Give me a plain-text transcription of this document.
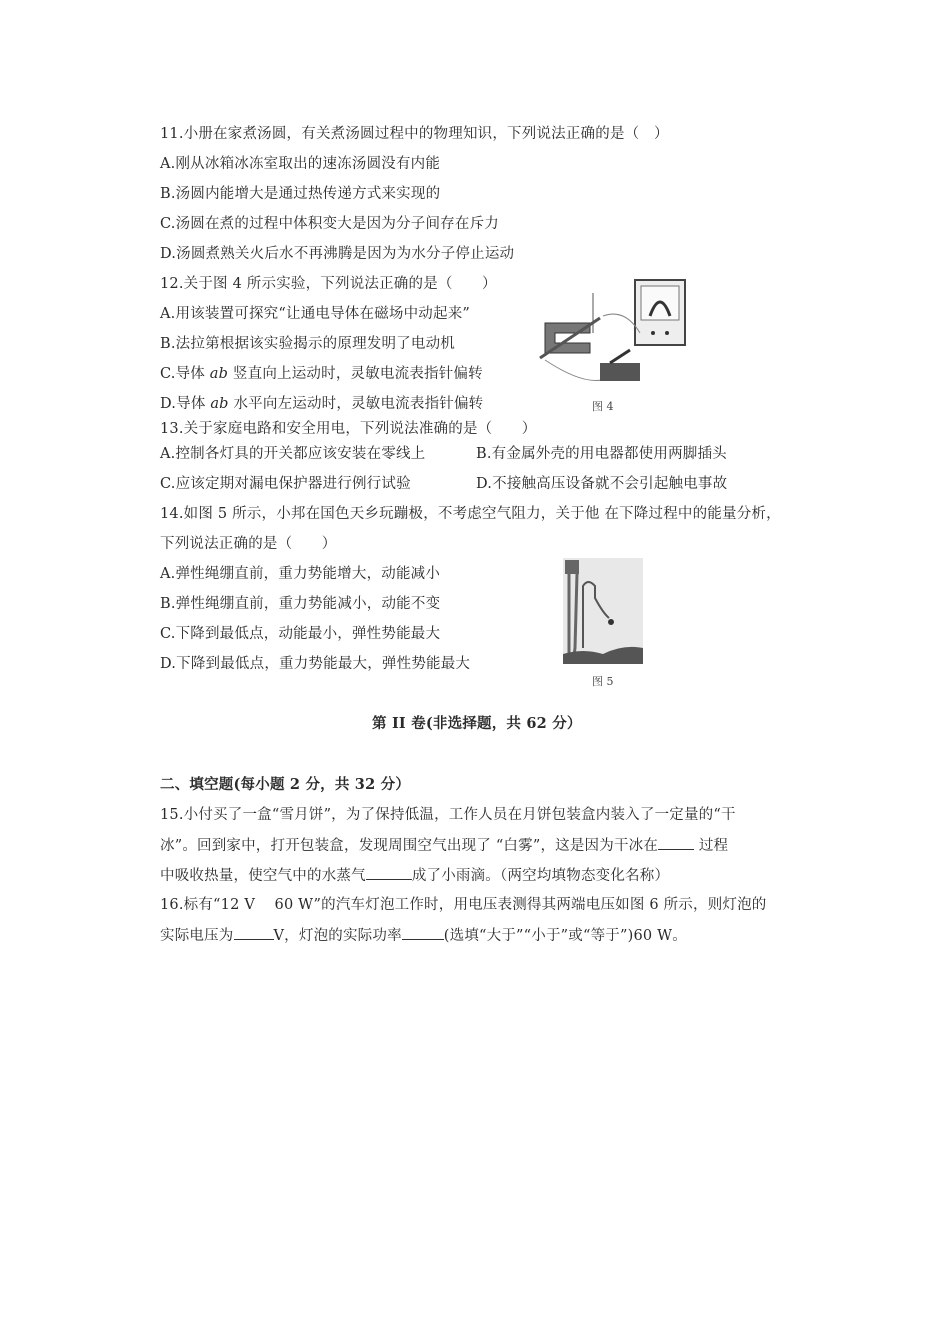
11.小册在家煮汤圆，有关煮汤圆过程中的物理知识，下列说法正确的是（　）
A.刚从冰箱冰冻室取出的速冻汤圆没有内能
B.汤圆内能增大是通过热传递方式来实现的
C.汤圆在煮的过程中体积变大是因为分子间存在斥力
D.汤圆煮熟关火后水不再沸腾是因为为水分子停止运动
12.关于图 4 所示实验，下列说法正确的是（　　）
A.用该装置可探究“让通电导体在磁场中动起来”
B.法拉第根据该实验揭示的原理发明了电动机
C.导体 ab 竖直向上运动时，灵敏电流表指针偏转
D.导体 ab 水平向左运动时，灵敏电流表指针偏转	图 4
13.关于家庭电路和安全用电，下列说法准确的是（　　）
A.控制各灯具的开关都应该安装在零线上	B.有金属外壳的用电器都使用两脚插头
C.应该定期对漏电保护器进行例行试验	D.不接触高压设备就不会引起触电事故
14.如图 5 所示，小邦在国色天乡玩蹦极，不考虑空气阻力，关于他 在下降过程中的能量分析，
下列说法正确的是（　　）
A.弹性绳绷直前，重力势能增大，动能减小
B.弹性绳绷直前，重力势能减小，动能不变
C.下降到最低点，动能最小，弹性势能最大
D.下降到最低点，重力势能最大，弹性势能最大
图 5
第 II 卷(非选择题，共 62 分）
二、填空题(每小题 2 分，共 32 分）
15.小付买了一盒“雪月饼”，为了保持低温，工作人员在月饼包装盒内装入了一定量的“干
冰”。回到家中，打开包装盒，发现周围空气出现了 “白雾”，这是因为干冰在 过程
中吸收热量，使空气中的水蒸气	成了小雨滴。（两空均填物态变化名称）
16.标有“12 V　 60 W”的汽车灯泡工作时，用电压表测得其两端电压如图 6 所示，则灯泡的
实际电压为	V，灯泡的实际功率	(选填“大于”“小于”或“等于”)60 W。
